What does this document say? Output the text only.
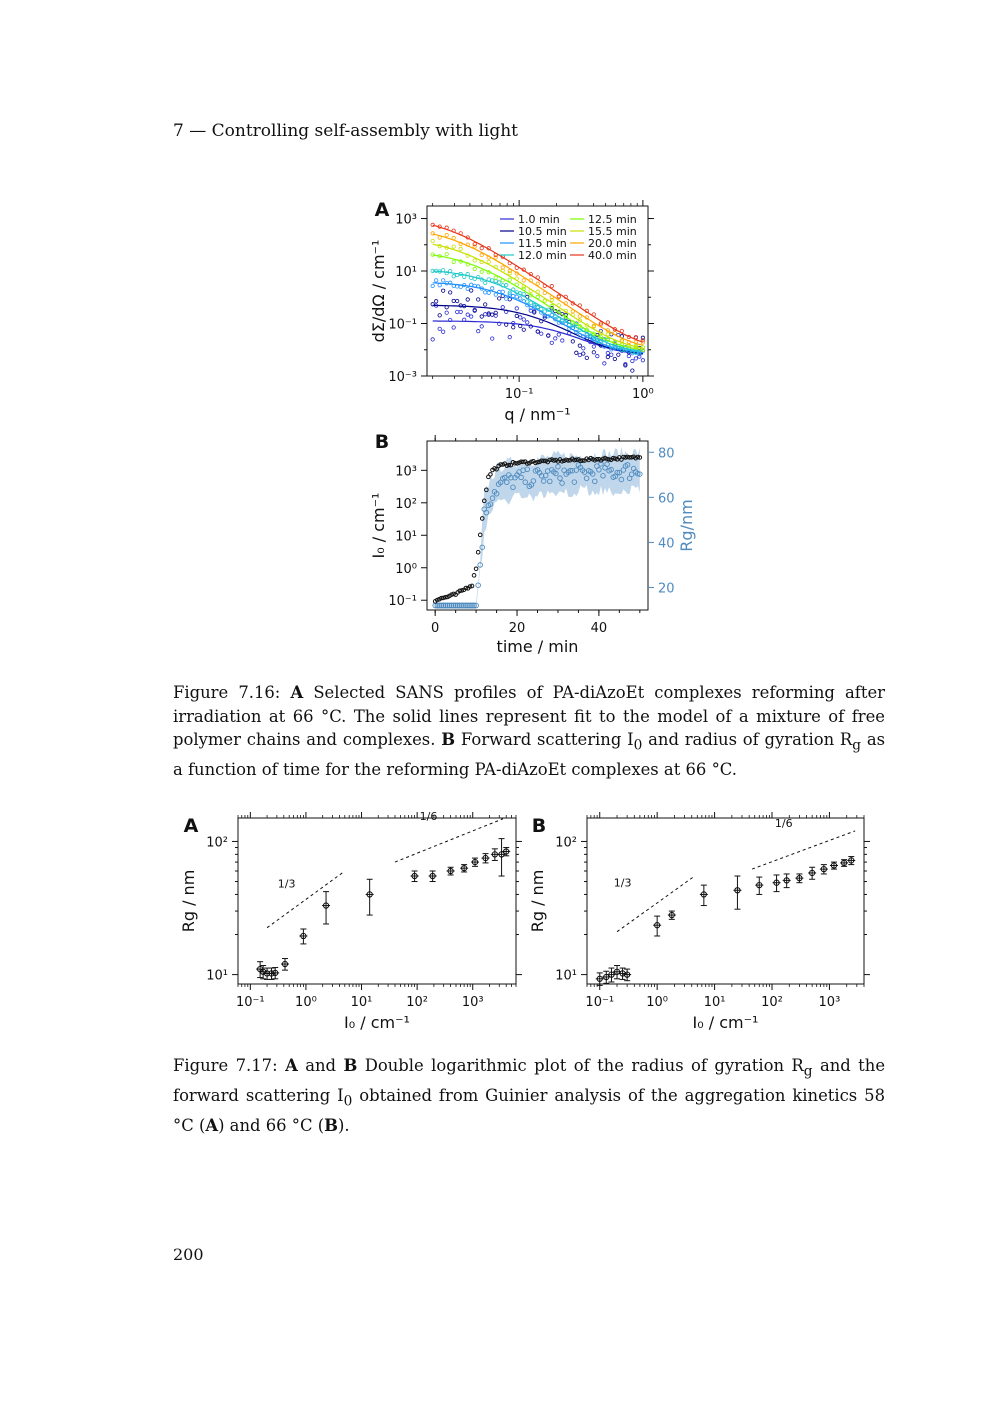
7 — Controlling self-assembly with light
A
10⁻¹	10⁰
10⁻³
10⁻¹
10¹
10³
q / nm⁻¹
dΣ/dΩ / cm⁻¹
1.0 min
10.5 min
11.5 min
12.0 min
12.5 min
15.5 min
20.0 min
40.0 min
B
0	20	40
10⁻¹
10⁰
10¹
10²
10³
20
40
60
80
time / min
I₀ / cm⁻¹	Rg/nm
A
10⁻¹ 10⁰	10¹	10²	10³
10¹
10²
I₀ / cm⁻¹
Rg / nm	1/3
1/6	B
10⁻¹ 10⁰	10¹	10²	10³
10¹
10²
I₀ / cm⁻¹
Rg / nm	1/3
1/6
Figure 7.16: A Selected SANS profiles of PA-diAzoEt complexes reforming after irradiation at 66 °C. The solid lines represent fit to the model of a mixture of free polymer chains and complexes. B Forward scattering $I_0$ and radius of gyration $R_g$ as a function of time for the reforming PA-diAzoEt complexes at 66 °C.
Figure 7.17: A and B Double logarithmic plot of the radius of gyration $R_g$ and the forward scattering $I_0$ obtained from Guinier analysis of the aggregation kinetics 58 °C (A) and 66 °C (B).
200
